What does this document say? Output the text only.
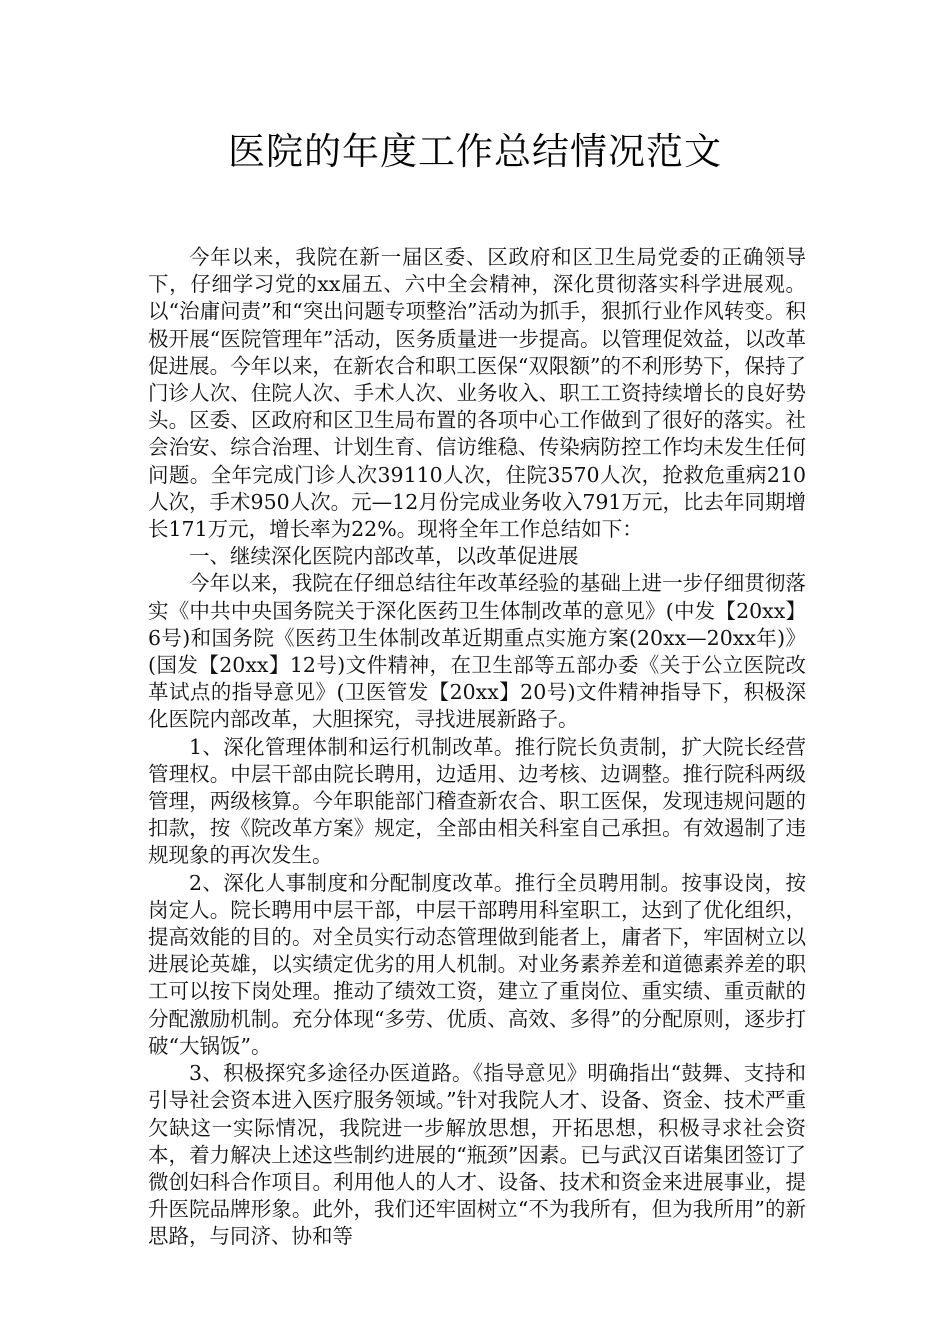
医院的年度工作总结情况范文

今年以来，我院在新一届区委、区政府和区卫生局党委的正确领导下，仔细学习党的xx届五、六中全会精神，深化贯彻落实科学进展观。以“治庸问责”和“突出问题专项整治”活动为抓手，狠抓行业作风转变。积极开展“医院管理年”活动，医务质量进一步提高。以管理促效益，以改革促进展。今年以来，在新农合和职工医保“双限额”的不利形势下，保持了门诊人次、住院人次、手术人次、业务收入、职工工资持续增长的良好势头。区委、区政府和区卫生局布置的各项中心工作做到了很好的落实。社会治安、综合治理、计划生育、信访维稳、传染病防控工作均未发生任何问题。全年完成门诊人次39110人次，住院3570人次，抢救危重病210人次，手术950人次。元—12月份完成业务收入791万元，比去年同期增长171万元，增长率为22%。现将全年工作总结如下：

一、继续深化医院内部改革，以改革促进展

今年以来，我院在仔细总结往年改革经验的基础上进一步仔细贯彻落实《中共中央国务院关于深化医药卫生体制改革的意见》(中发【20xx】6号)和国务院《医药卫生体制改革近期重点实施方案(20xx—20xx年)》(国发【20xx】12号)文件精神，在卫生部等五部办委《关于公立医院改革试点的指导意见》(卫医管发【20xx】20号)文件精神指导下，积极深化医院内部改革，大胆探究，寻找进展新路子。

1、深化管理体制和运行机制改革。推行院长负责制，扩大院长经营管理权。中层干部由院长聘用，边适用、边考核、边调整。推行院科两级管理，两级核算。今年职能部门稽查新农合、职工医保，发现违规问题的扣款，按《院改革方案》规定，全部由相关科室自己承担。有效遏制了违规现象的再次发生。

2、深化人事制度和分配制度改革。推行全员聘用制。按事设岗，按岗定人。院长聘用中层干部，中层干部聘用科室职工，达到了优化组织，提高效能的目的。对全员实行动态管理做到能者上，庸者下，牢固树立以进展论英雄，以实绩定优劣的用人机制。对业务素养差和道德素养差的职工可以按下岗处理。推动了绩效工资，建立了重岗位、重实绩、重贡献的分配激励机制。充分体现“多劳、优质、高效、多得”的分配原则，逐步打破“大锅饭”。

3、积极探究多途径办医道路。《指导意见》明确指出“鼓舞、支持和引导社会资本进入医疗服务领域。”针对我院人才、设备、资金、技术严重欠缺这一实际情况，我院进一步解放思想，开拓思想，积极寻求社会资本，着力解决上述这些制约进展的“瓶颈”因素。已与武汉百诺集团签订了微创妇科合作项目。利用他人的人才、设备、技术和资金来进展事业，提升医院品牌形象。此外，我们还牢固树立“不为我所有，但为我所用”的新思路，与同济、协和等
